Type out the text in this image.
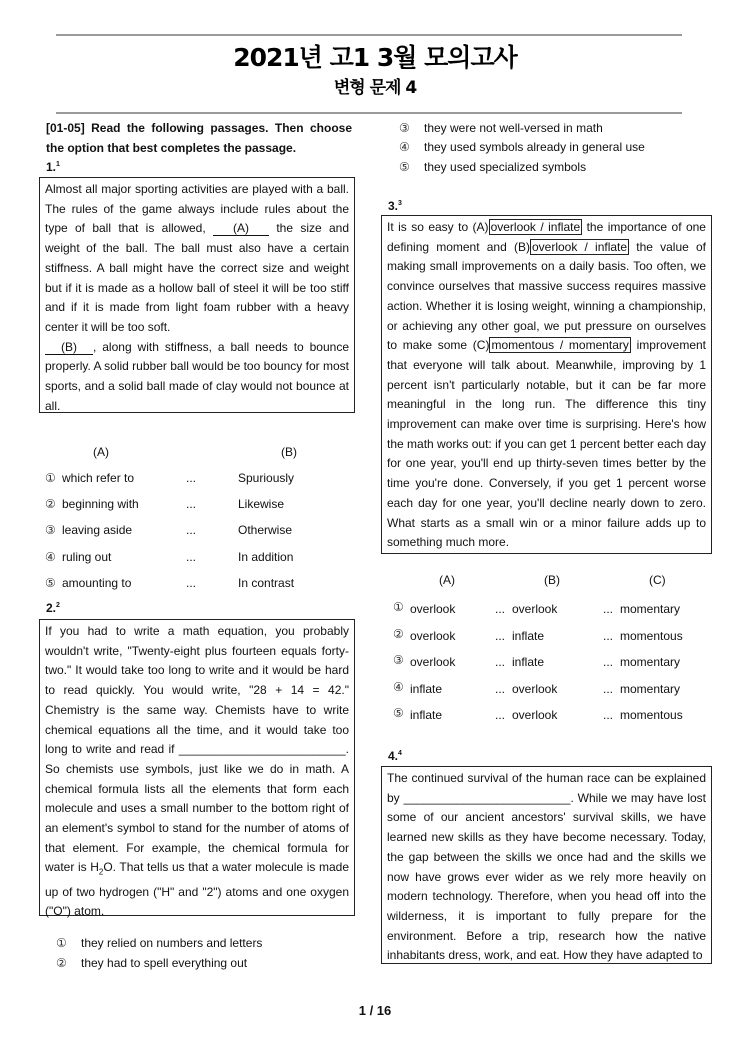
2021년 고1 3월 모의고사
변형 문제 4
[01-05] Read the following passages. Then choose the option that best completes the passage.
1.$^1$

Almost all major sporting activities are played with a ball. The rules of the game always include rules about the type of ball that is allowed, (A) the size and weight of the ball. The ball must also have a certain stiffness. A ball might have the correct size and weight but if it is made as a hollow ball of steel it will be too stiff and if it is made from light foam rubber with a heavy center it will be too soft.

(B) , along with stiffness, a ball needs to bounce properly. A solid rubber ball would be too bouncy for most sports, and a solid ball made of clay would not bounce at all.

(A)	(B)
① which refer to	...	Spuriously
② beginning with	...	Likewise
③ leaving aside	...	Otherwise
④ ruling out	...	In addition
⑤ amounting to	...	In contrast
2.$^2$

If you had to write a math equation, you probably wouldn't write, "Twenty-eight plus fourteen equals forty-two." It would take too long to write and it would be hard to read quickly. You would write, "28 + 14 = 42." Chemistry is the same way. Chemists have to write chemical equations all the time, and it would take too long to write and read if _________________________. So chemists use symbols, just like we do in math. A chemical formula lists all the elements that form each molecule and uses a small number to the bottom right of an element's symbol to stand for the number of atoms of that element. For example, the chemical formula for water is $H_2O$. That tells us that a water molecule is made up of two hydrogen ("H" and "2") atoms and one oxygen ("O") atom.

① they relied on numbers and letters
② they had to spell everything out
③ they were not well-versed in math
④ they used symbols already in general use
⑤ they used specialized symbols
3.$^3$

It is so easy to (A) overlook / inflate the importance of one defining moment and (B) overlook / inflate the value of making small improvements on a daily basis. Too often, we convince ourselves that massive success requires massive action. Whether it is losing weight, winning a championship, or achieving any other goal, we put pressure on ourselves to make some (C) momentous / momentary improvement that everyone will talk about. Meanwhile, improving by 1 percent isn't particularly notable, but it can be far more meaningful in the long run. The difference this tiny improvement can make over time is surprising. Here's how the math works out: if you can get 1 percent better each day for one year, you'll end up thirty-seven times better by the time you're done. Conversely, if you get 1 percent worse each day for one year, you'll decline nearly down to zero. What starts as a small win or a minor failure adds up to something much more.

(A)	(B)	(C)
① overlook	... overlook	... momentary
② overlook	... inflate	... momentous
③ overlook	... inflate	... momentary
④ inflate	... overlook	... momentary
⑤ inflate	... overlook	... momentous
4.$^4$

The continued survival of the human race can be explained by _________________________. While we may have lost some of our ancient ancestors' survival skills, we have learned new skills as they have become necessary. Today, the gap between the skills we once had and the skills we now have grows ever wider as we rely more heavily on modern technology. Therefore, when you head off into the wilderness, it is important to fully prepare for the environment. Before a trip, research how the native inhabitants dress, work, and eat. How they have adapted to

1 / 16
